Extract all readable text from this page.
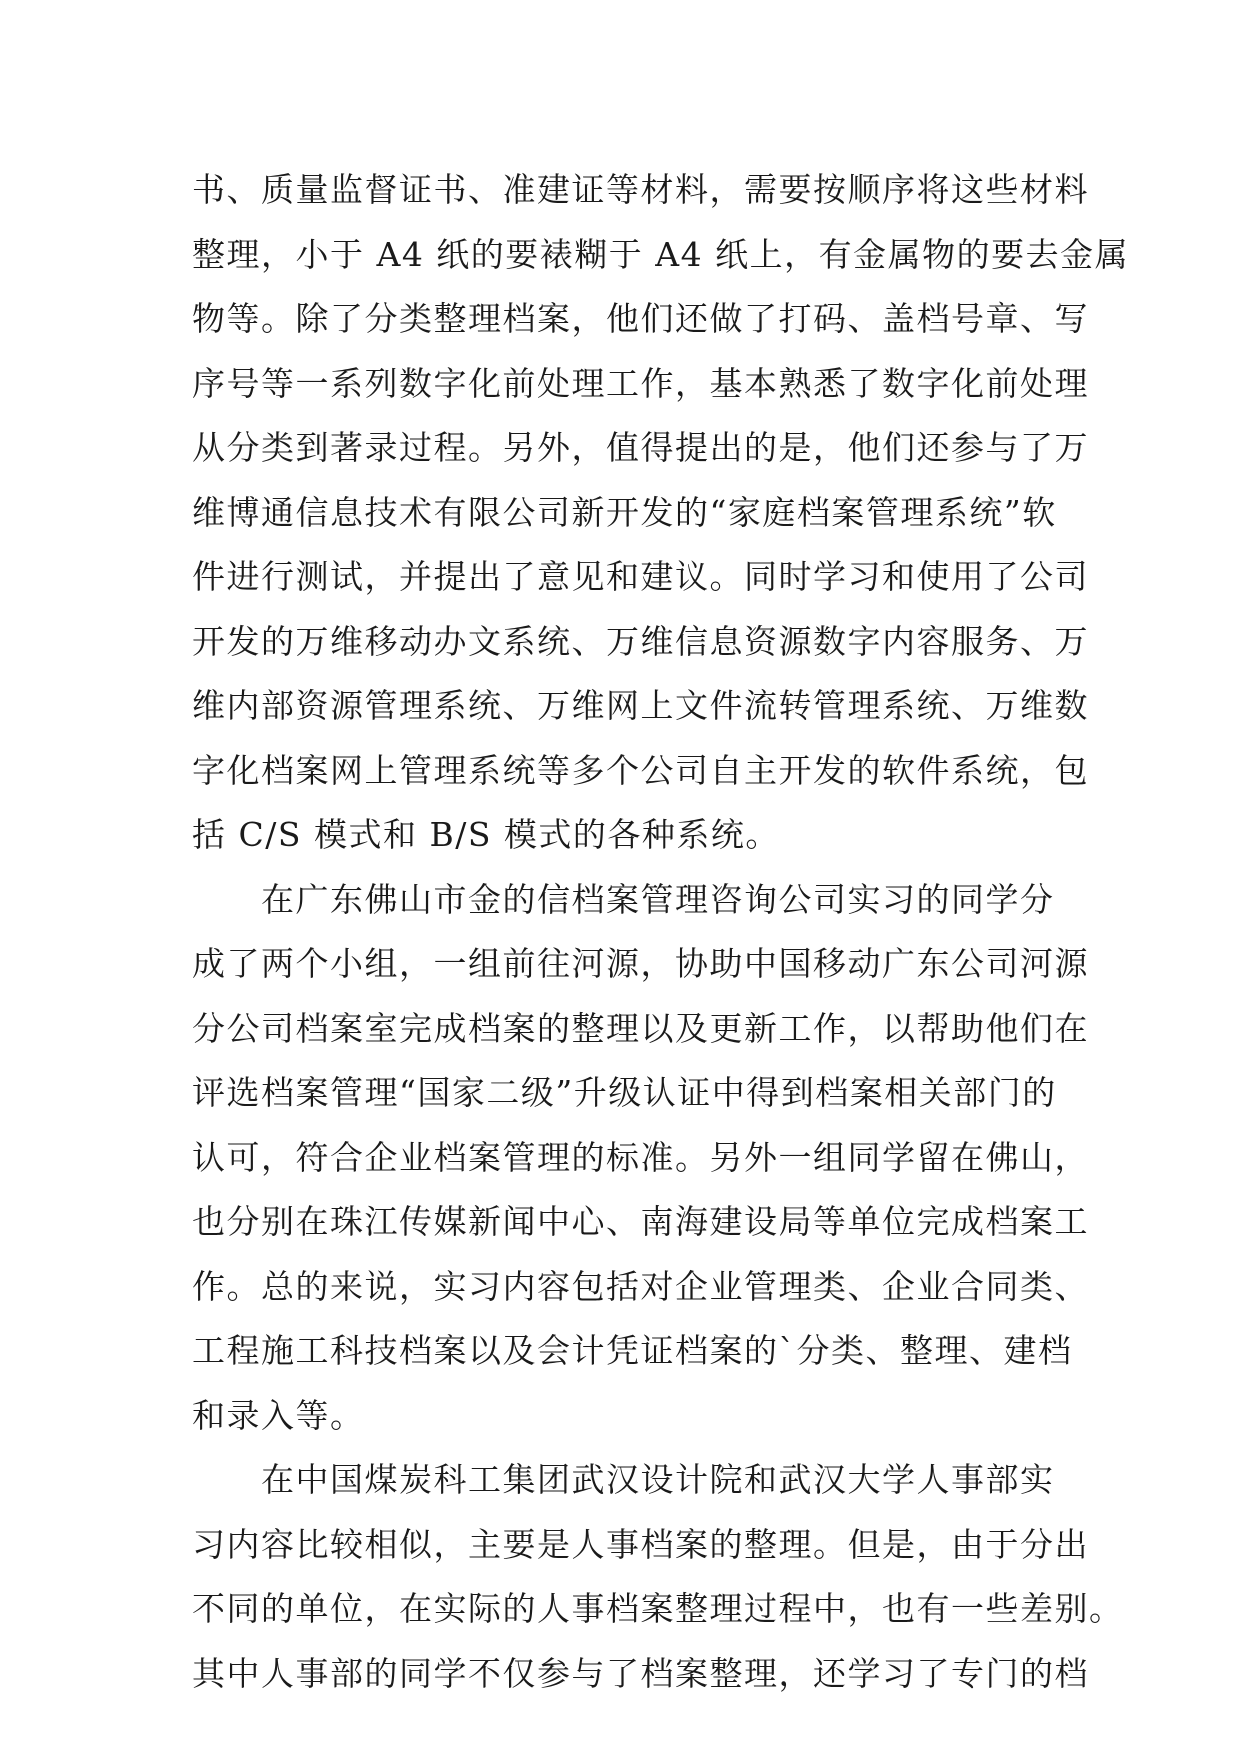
书、质量监督证书、准建证等材料，需要按顺序将这些材料
整理，小于 A4 纸的要裱糊于 A4 纸上，有金属物的要去金属
物等。除了分类整理档案，他们还做了打码、盖档号章、写
序号等一系列数字化前处理工作，基本熟悉了数字化前处理
从分类到著录过程。另外，值得提出的是，他们还参与了万
维博通信息技术有限公司新开发的“家庭档案管理系统”软
件进行测试，并提出了意见和建议。同时学习和使用了公司
开发的万维移动办文系统、万维信息资源数字内容服务、万
维内部资源管理系统、万维网上文件流转管理系统、万维数
字化档案网上管理系统等多个公司自主开发的软件系统，包
括 C/S 模式和 B/S 模式的各种系统。
　　在广东佛山市金的信档案管理咨询公司实习的同学分
成了两个小组，一组前往河源，协助中国移动广东公司河源
分公司档案室完成档案的整理以及更新工作，以帮助他们在
评选档案管理“国家二级”升级认证中得到档案相关部门的
认可，符合企业档案管理的标准。另外一组同学留在佛山，
也分别在珠江传媒新闻中心、南海建设局等单位完成档案工
作。总的来说，实习内容包括对企业管理类、企业合同类、
工程施工科技档案以及会计凭证档案的`分类、整理、建档
和录入等。
　　在中国煤炭科工集团武汉设计院和武汉大学人事部实
习内容比较相似，主要是人事档案的整理。但是，由于分出
不同的单位，在实际的人事档案整理过程中，也有一些差别。
其中人事部的同学不仅参与了档案整理，还学习了专门的档
